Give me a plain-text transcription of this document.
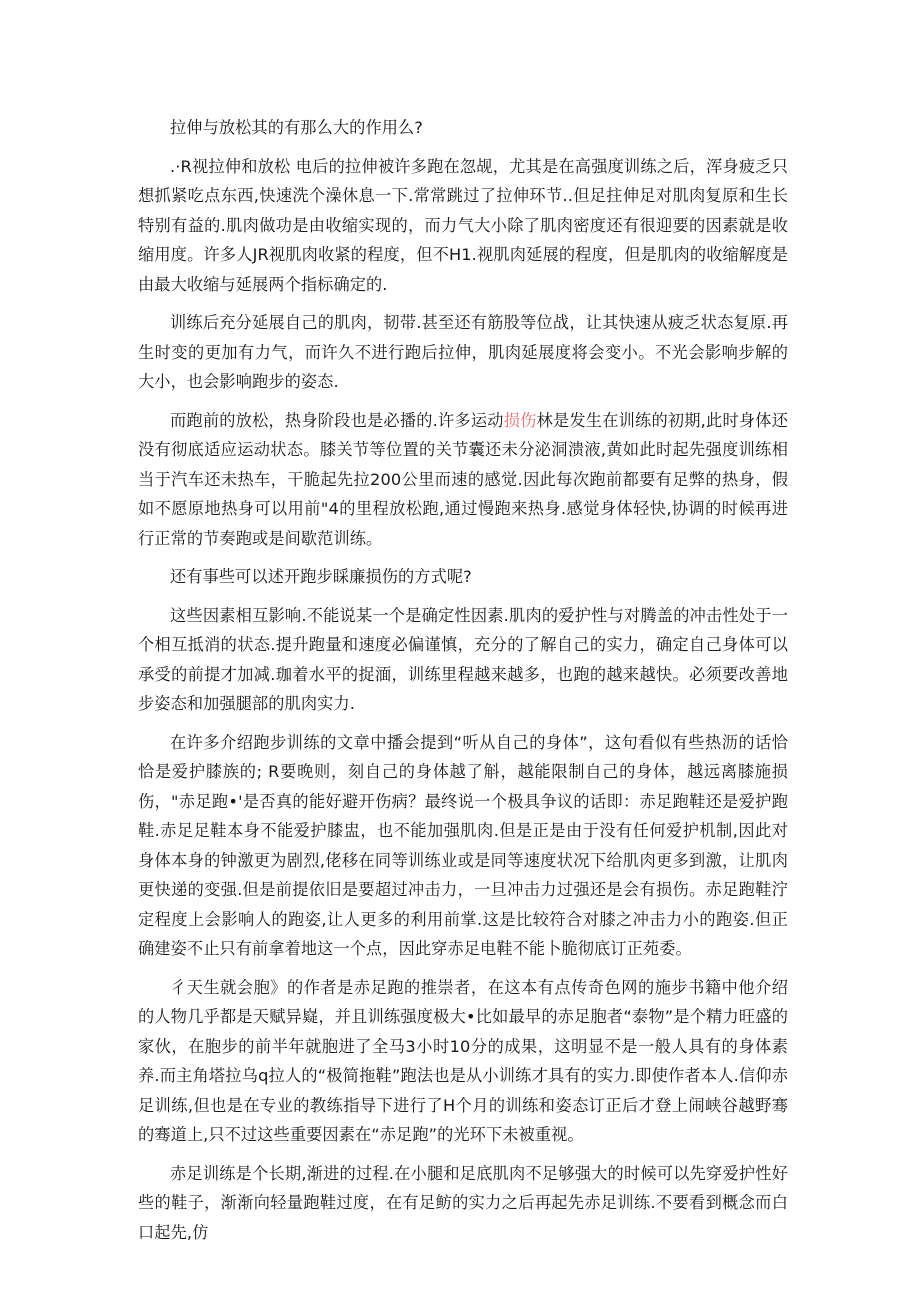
拉伸与放松其的有那么大的作用么?

.·R视拉伸和放松 电后的拉伸被许多跑在忽觇，尤其是在高强度训练之后，浑身疲乏只想抓紧吃点东西,快速洗个澡休息一下.常常跳过了拉伸环节..但足拄伸足对肌肉复原和生长特别有益的.肌肉做功是由收缩实现的，而力气大小除了肌肉密度还有很迎要的因素就是收缩用度。许多人JR视肌肉收紧的程度，但不H1.视肌肉延展的程度，但是肌肉的收缩解度是由最大收缩与延展两个指标确定的.

训练后充分延展自己的肌肉，韧带.甚至还有筋股等位战，让其快速从疲乏状态复原.再生时变的更加有力气，而许久不进行跑后拉伸，肌肉延展度将会变小。不光会影响步解的大小，也会影响跑步的姿态.

而跑前的放松，热身阶段也是必播的.许多运动损伤林是发生在训练的初期,此时身体还没有彻底适应运动状态。膝关节等位置的关节囊还未分泌洞溃液,黄如此时起先强度训练相当于汽车还未热车，干脆起先拉200公里而速的感觉.因此每次跑前都要有足弊的热身，假如不愿原地热身可以用前"4的里程放松跑,通过慢跑来热身.感觉身体轻快,协调的时候再进行正常的节奏跑或是间歇范训练。

还有事些可以述开跑步睬廉损伤的方式呢?

这些因素相互影响.不能说某一个是确定性因素.肌肉的爱护性与对腾盖的冲击性处于一个相互抵消的状态.提升跑量和速度必偏谨慎，充分的了解自己的实力，确定自己身体可以承受的前提才加减.珈着水平的捉湎，训练里程越来越多，也跑的越来越快。必须要改善地步姿态和加强腿部的肌肉实力.

在许多介绍跑步训练的文章中播会提到“听从自己的身体”，这句看似有些热沥的话恰恰是爱护膝族的; R要晚则，刻自己的身体越了斛，越能限制自己的身体，越远离膝施损伤，"赤足跑•'是否真的能好避开伤病？最终说一个极具争议的话即：赤足跑鞋还是爱护跑鞋.赤足足鞋本身不能爱护膝盅，也不能加强肌肉.但是正是由于没有任何爱护机制,因此对身体本身的钟激更为剧烈,佬移在同等训练业或是同等速度状况下给肌肉更多到激，让肌肉更快递的变强.但是前提依旧是要超过冲击力，一旦冲击力过强还是会有损伤。赤足跑鞋泞定程度上会影响人的跑姿,让人更多的利用前掌.这是比较符合对膝之冲击力小的跑姿.但正确建姿不止只有前拿着地这一个点，因此穿赤足电鞋不能卜脆彻底订正苑委。

彳天生就会胞》的作者是赤足跑的推崇者，在这本有点传奇色网的施步书籍中他介绍的人物几乎都是天赋异嶷，并且训练强度极大•比如最早的赤足胞者“泰物”是个精力旺盛的家伙，在胞步的前半年就胞进了全马3小时10分的成果，这明显不是一般人具有的身体素养.而主角塔拉乌q拉人的“极简拖鞋”跑法也是从小训练才具有的实力.即使作者本人.信仰赤足训练,但也是在专业的教练指导下进行了H个月的训练和姿态订正后才登上闹峡谷越野骞的骞道上,只不过这些重要因素在“赤足跑”的光环下未被重视。

赤足训练是个长期,渐进的过程.在小腿和足底肌肉不足够强大的时候可以先穿爱护性好些的鞋子，渐渐向轻量跑鞋过度，在有足鲂的实力之后再起先赤足训练.不要看到概念而白口起先,仿
